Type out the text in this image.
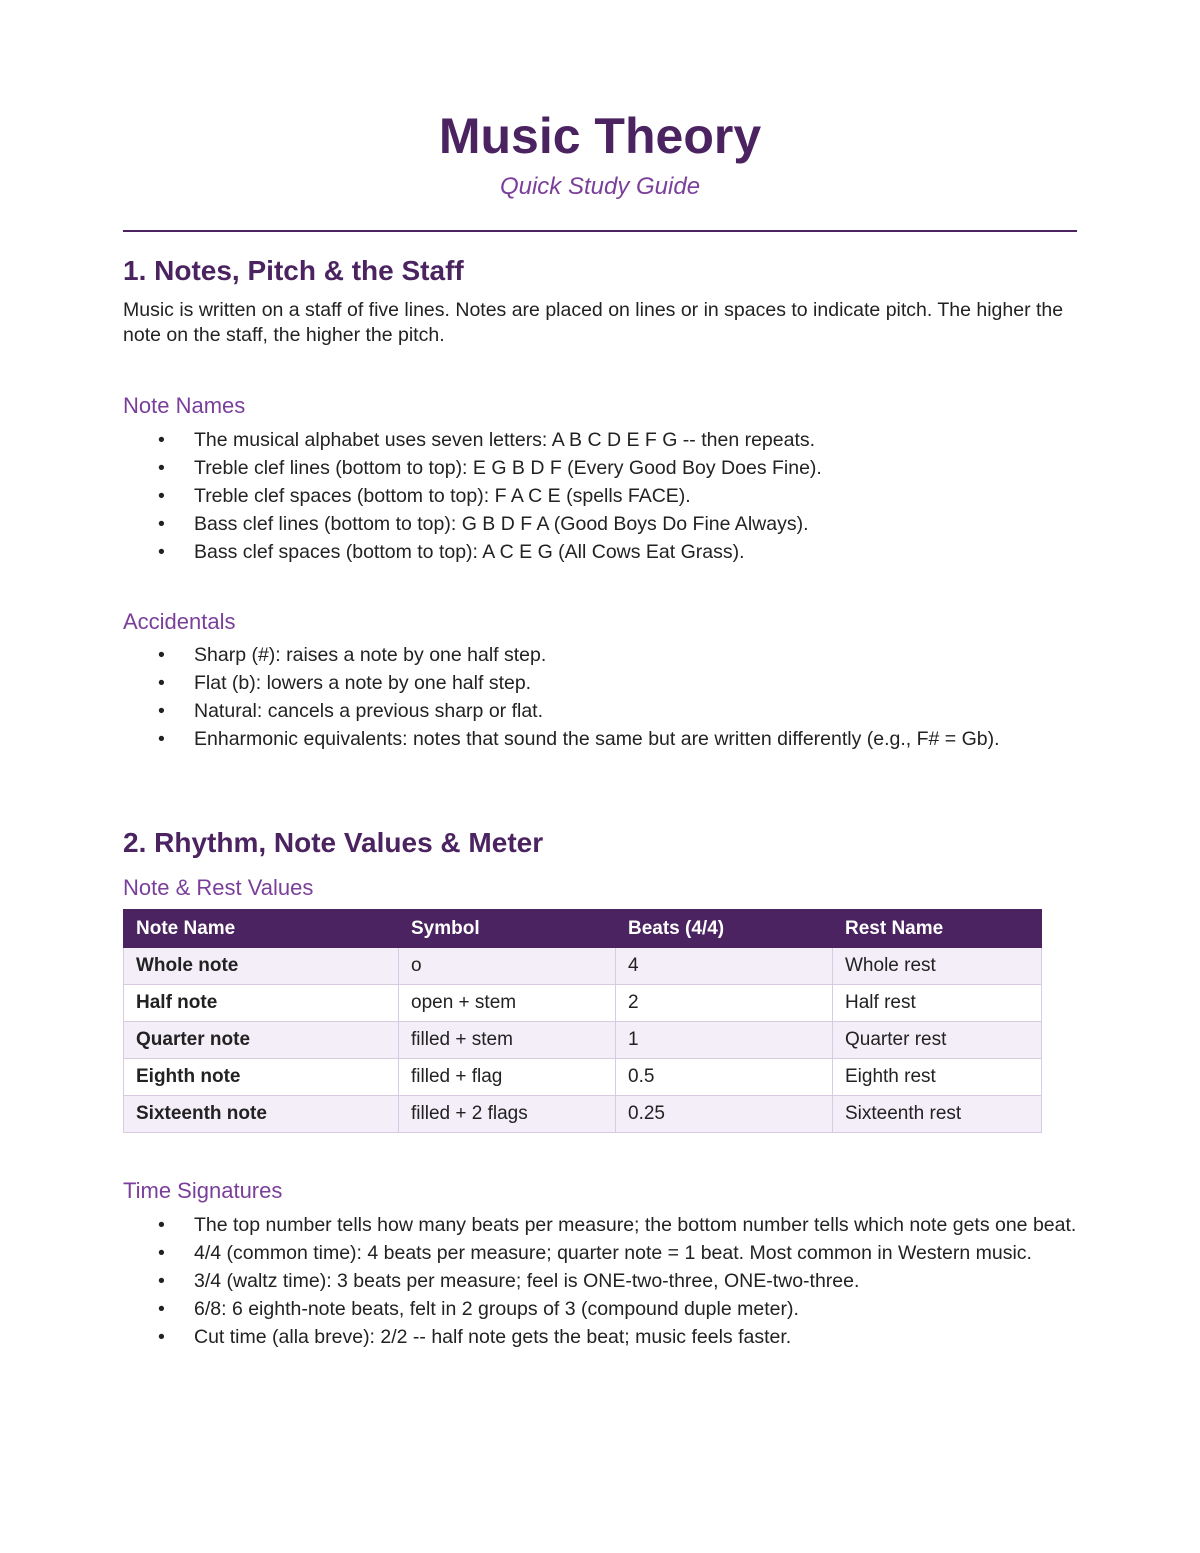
Music Theory
Quick Study Guide
1. Notes, Pitch & the Staff

Music is written on a staff of five lines. Notes are placed on lines or in spaces to indicate pitch. The higher the note on the staff, the higher the pitch.

Note Names
• The musical alphabet uses seven letters: A B C D E F G -- then repeats.
• Treble clef lines (bottom to top): E G B D F (Every Good Boy Does Fine).
• Treble clef spaces (bottom to top): F A C E (spells FACE).
• Bass clef lines (bottom to top): G B D F A (Good Boys Do Fine Always).
• Bass clef spaces (bottom to top): A C E G (All Cows Eat Grass).
Accidentals
• Sharp (#): raises a note by one half step.
• Flat (b): lowers a note by one half step.
• Natural: cancels a previous sharp or flat.
• Enharmonic equivalents: notes that sound the same but are written differently (e.g., F# = Gb).
2. Rhythm, Note Values & Meter
Note & Rest Values
Note Name	Symbol	Beats (4/4)	Rest Name
Whole note	o	4	Whole rest
Half note	open + stem	2	Half rest
Quarter note	filled + stem	1	Quarter rest
Eighth note	filled + flag	0.5	Eighth rest
Sixteenth note	filled + 2 flags	0.25	Sixteenth rest
Time Signatures
• The top number tells how many beats per measure; the bottom number tells which note gets one beat.
• 4/4 (common time): 4 beats per measure; quarter note = 1 beat. Most common in Western music.
• 3/4 (waltz time): 3 beats per measure; feel is ONE-two-three, ONE-two-three.
• 6/8: 6 eighth-note beats, felt in 2 groups of 3 (compound duple meter).
• Cut time (alla breve): 2/2 -- half note gets the beat; music feels faster.
